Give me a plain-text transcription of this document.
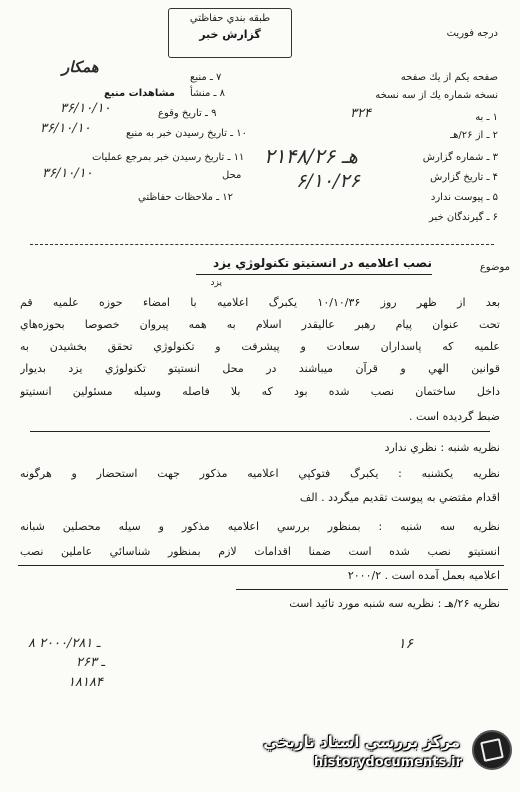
درجه فوريت
طبقه بندي حفاظتي
گزارش خبر
همكار
۷ ـ منبع
۸ ـ منشأ
مشاهدات منبع
۳۶/۱۰/۱۰	۹ ـ تاريخ وقوع
۳۶/۱۰/۱۰	۱۰ ـ تاريخ رسيدن خبر به منبع
۱۱ ـ تاريخ رسيدن خبر بمرجع عمليات
محل
۳۶/۱۰/۱۰
۱۲ ـ ملاحظات حفاظتي
صفحه يكم از يك صفحه
نسخه شماره يك از سه نسخه
۱ ـ به
۳۲۴
۲ ـ از ۲۶/هـ
۳ ـ شماره گزارش
۲۱۴۸/۲۶ هـ
۴ ـ تاريخ گزارش
۶/۱۰/۲۶
۵ ـ پيوست ندارد
۶ ـ گيرندگان خبر
موضوع
نصب اعلاميه در انستيتو تكنولوژي يزد
يزد
بعد از ظهر روز ۱۰/۱۰/۳۶ يكبرگ اعلاميه با امضاء حوزه علميه قم
تحت عنوان پيام رهبر عاليقدر اسلام به همه پيروان خصوصا بحوزه‌هاي
علميه كه پاسداران سعادت و پيشرفت و تكنولوژي تحقق بخشيدن به
قوانين الهي و قرآن ميباشند در محل انستيتو تكنولوژي يزد بديوار
داخل ساختمان نصب شده بود كه بلا فاصله وسيله مسئولين انستيتو
ضبط گرديده است .
نظريه شنبه : نظري ندارد
نظريه يكشنبه : يكبرگ فتوكپي اعلاميه مذكور جهت استحضار و هرگونه
اقدام مقتضي به پيوست تقديم ميگردد . الف
نظريه سه شنبه : بمنظور بررسي اعلاميه مذكور و سيله محصلين شبانه
انستيتو نصب شده است ضمنا اقدامات لازم بمنظور شناسائي عاملين نصب
اعلاميه بعمل آمده است . ۲۰۰۰/۲
نظريه ۲۶/هـ : نظريه سه شنبه مورد تائيد است
۸ ـ ۲۰۰۰/۲۸۱
۲۶۳ ـ
۱۸۱۸۴
۱۶
مركز بررسي اسناد تاريخي
historydocuments.ir
